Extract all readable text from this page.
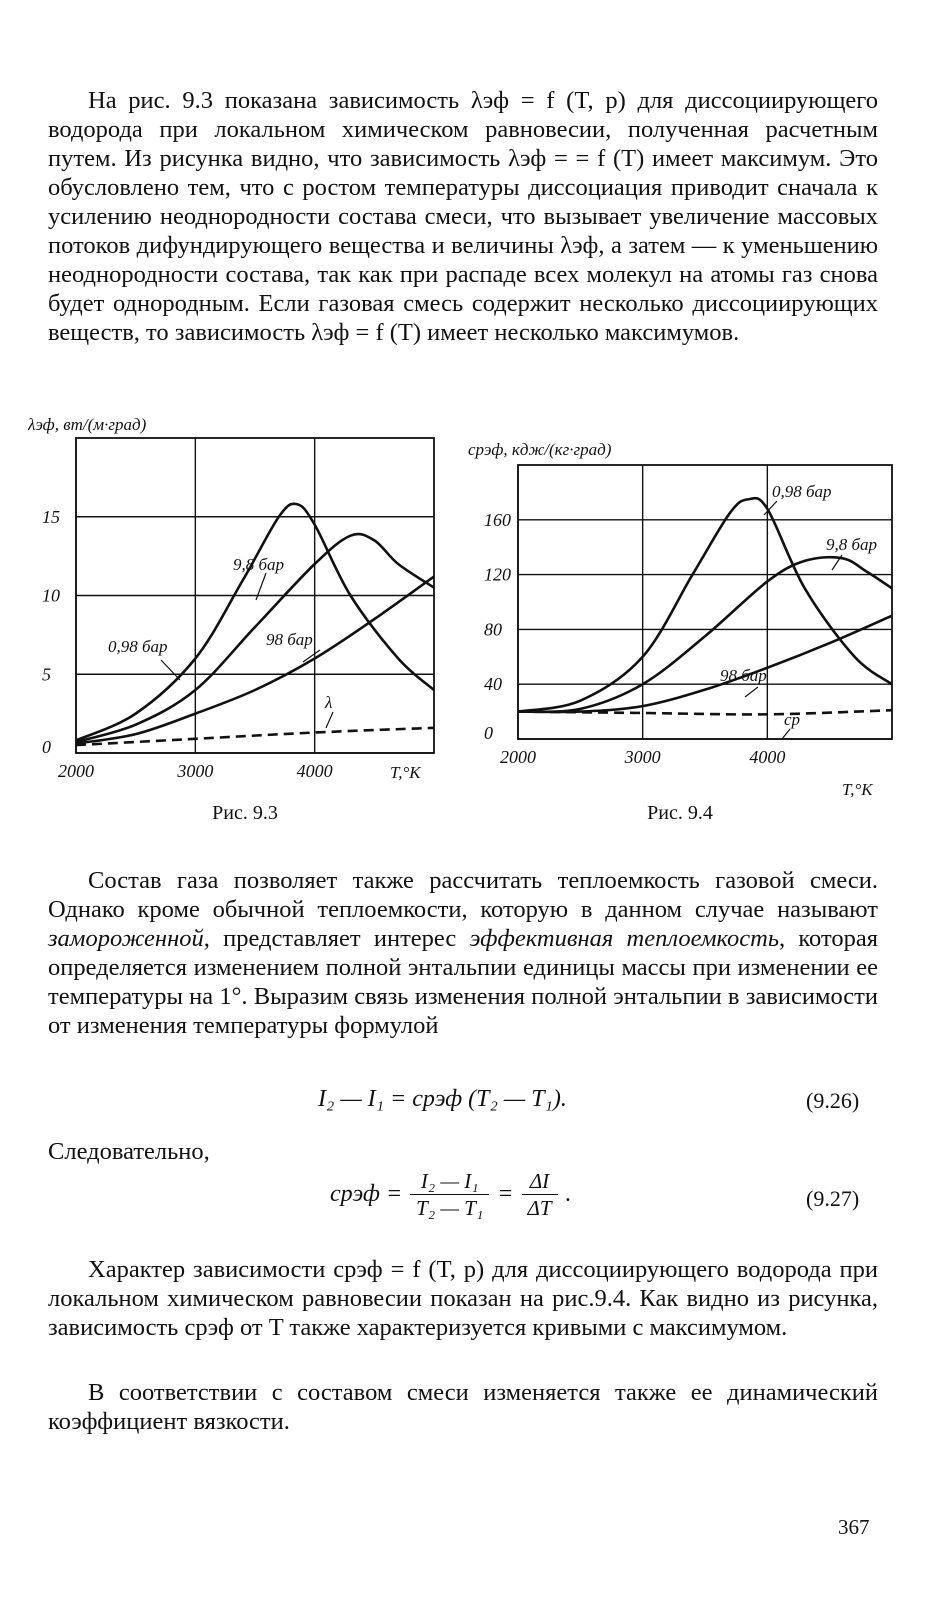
На рис. 9.3 показана зависимость λэф = f (T, p) для диссоциирующего водорода при локальном химическом равновесии, полученная расчетным путем. Из рисунка видно, что зависимость λэф = = f (T) имеет максимум. Это обусловлено тем, что с ростом температуры диссоциация приводит сначала к усилению неоднородности состава смеси, что вызывает увеличение массовых потоков дифундирующего вещества и величины λэф, а затем — к уменьшению неоднородности состава, так как при распаде всех молекул на атомы газ снова будет однородным. Если газовая смесь содержит несколько диссоциирующих веществ, то зависимость λэф = f (T) имеет несколько максимумов.

2000	3000	4000
0
5
10
15
λэф, вт/(м·град)
T,°K
0,98 бар
9,8 бар
98 бар
λ
Рис. 9.3
2000	3000	4000
0
40
80
120
160
cpэф, кдж/(кг·град)
T,°K
0,98 бар
9,8 бар
98 бар
cp
Рис. 9.4

Состав газа позволяет также рассчитать теплоемкость газовой смеси. Однако кроме обычной теплоемкости, которую в данном случае называют замороженной, представляет интерес эффективная теплоемкость, которая определяется изменением полной энтальпии единицы массы при изменении ее температуры на 1°. Выразим связь изменения полной энтальпии в зависимости от изменения температуры формулой

I₂ — I₁ = cpэф (T₂ — T₁).	(9.26)
Следовательно,
cpэф = $\frac{\text{I₂ — I₁}}{\text{T₂ — T₁}} = \frac{\Delta I}{\Delta T}$ .	(9.27)

Характер зависимости cpэф = f (T, p) для диссоциирующего водорода при локальном химическом равновесии показан на рис.9.4. Как видно из рисунка, зависимость cpэф от T также характеризуется кривыми с максимумом.

В соответствии с составом смеси изменяется также ее динамический коэффициент вязкости.

367
